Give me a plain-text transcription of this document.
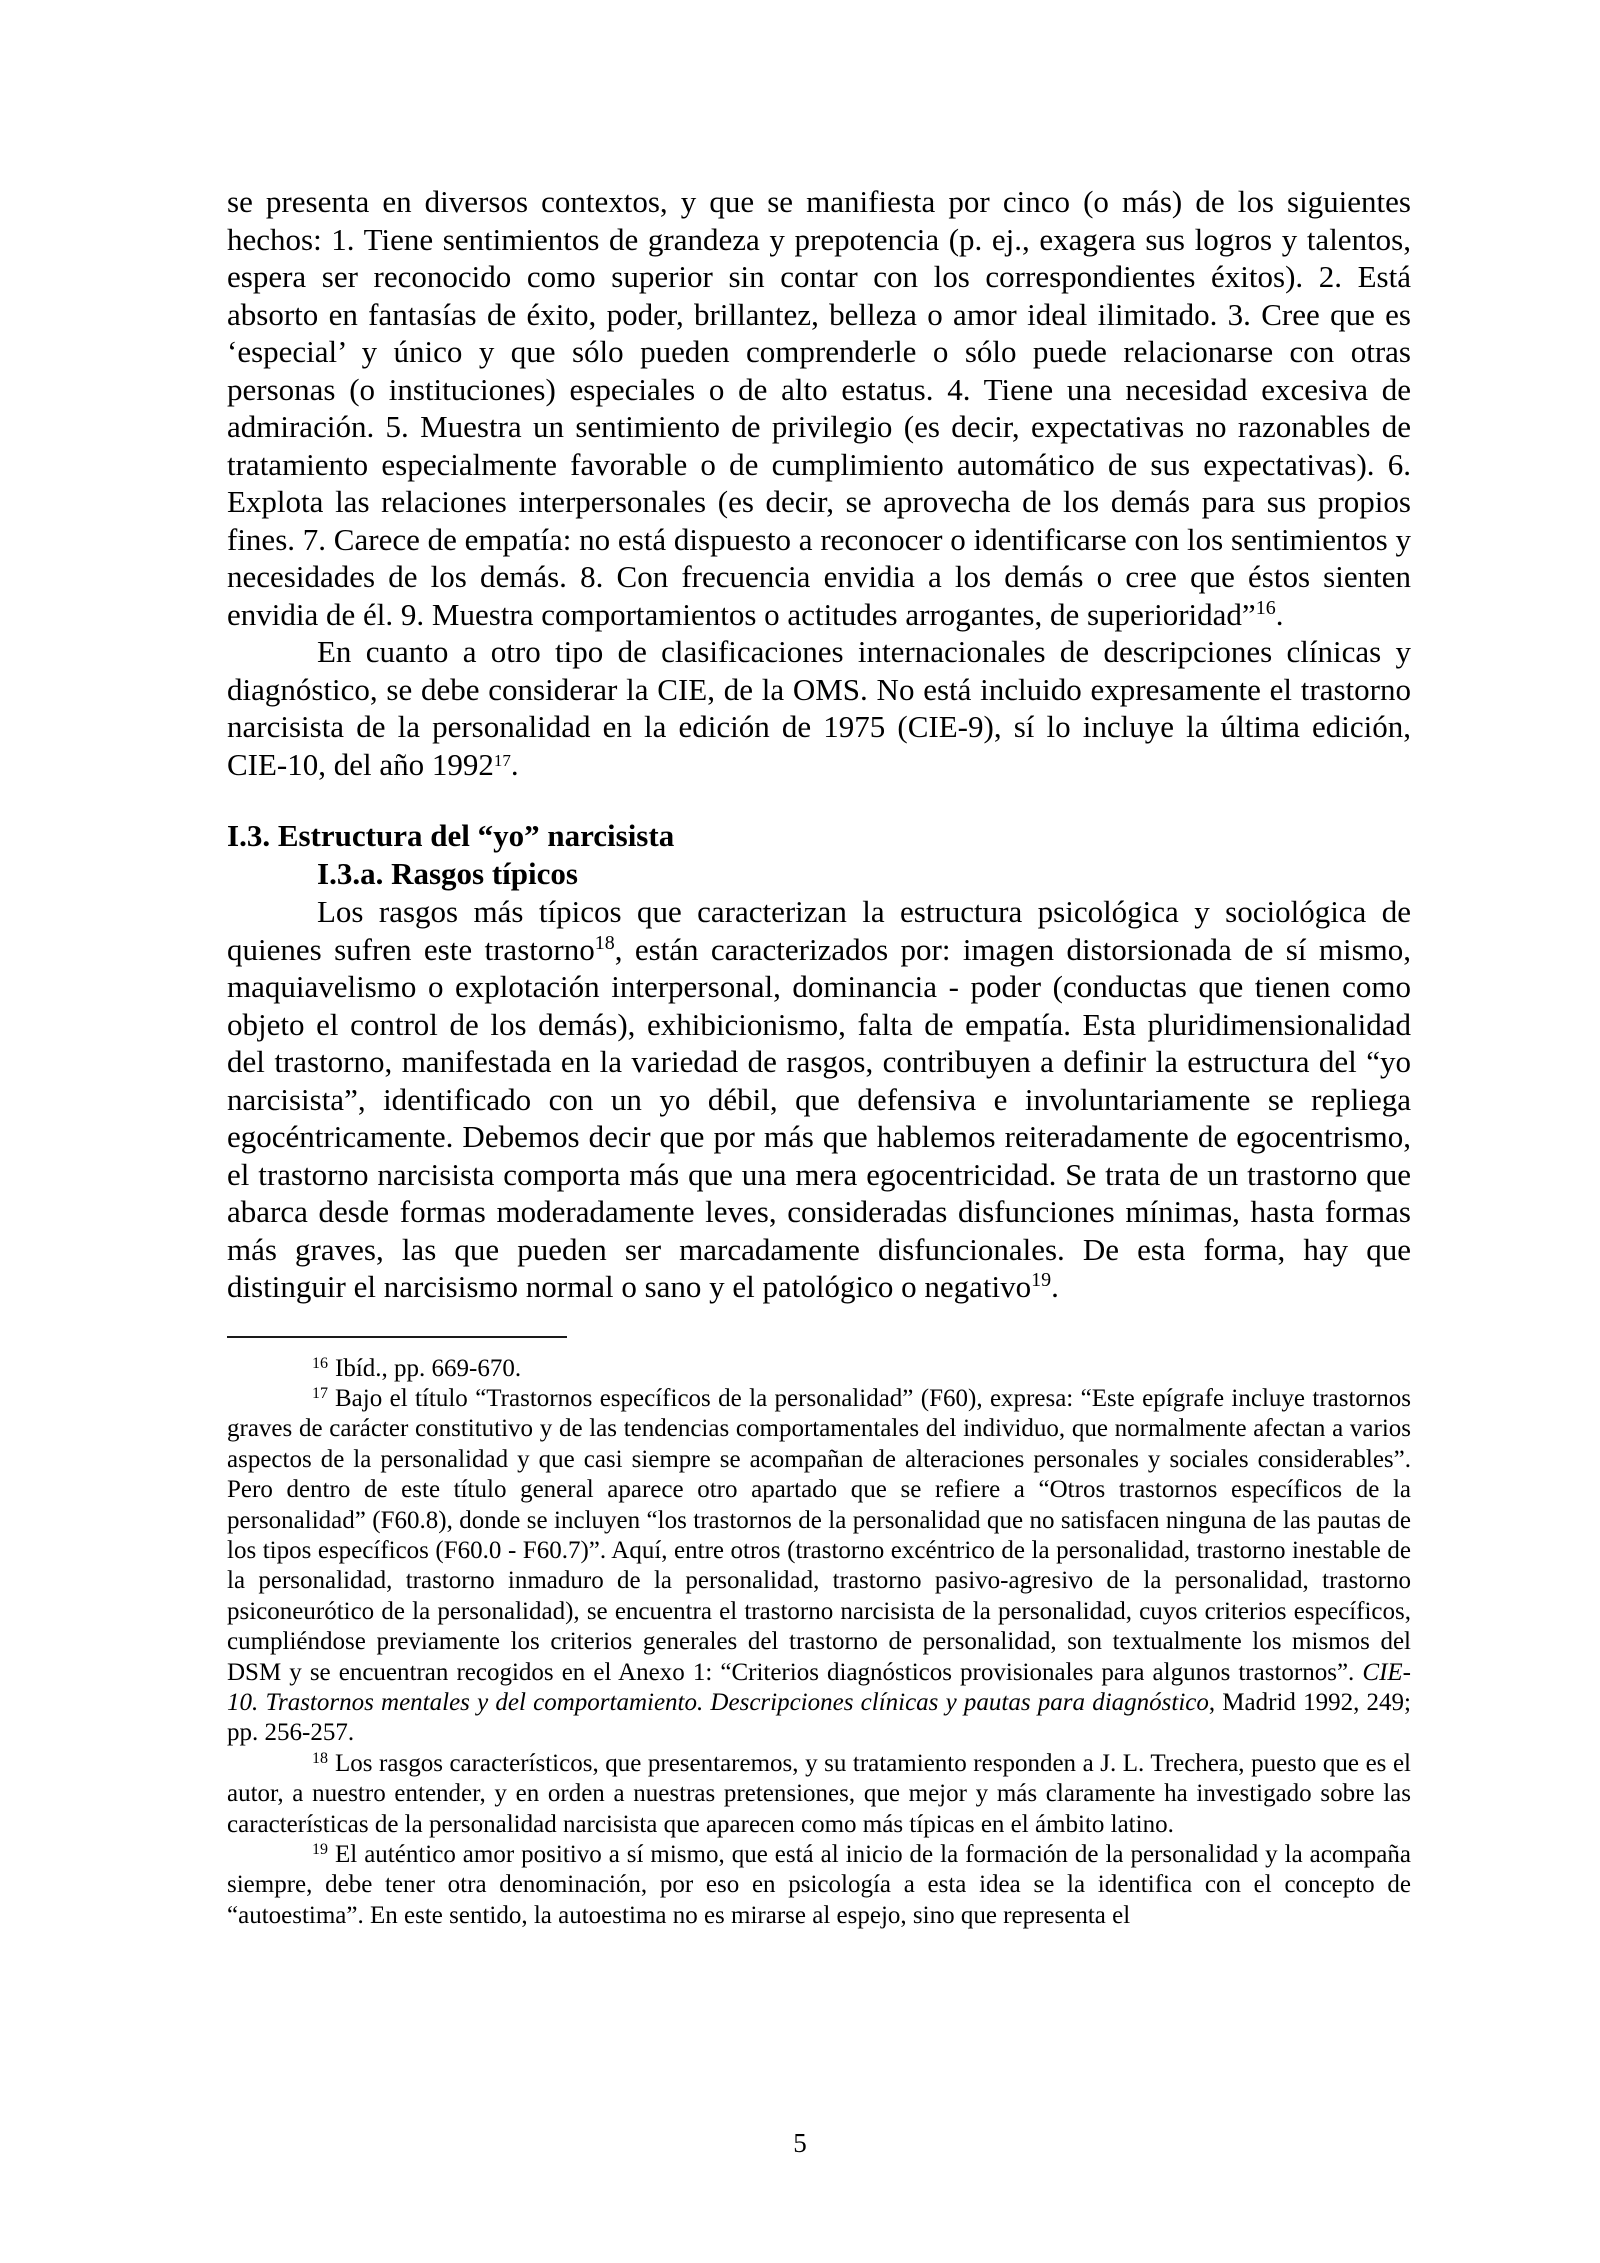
se presenta en diversos contextos, y que se manifiesta por cinco (o más) de los siguientes hechos: 1. Tiene sentimientos de grandeza y prepotencia (p. ej., exagera sus logros y talentos, espera ser reconocido como superior sin contar con los correspondientes éxitos). 2. Está absorto en fantasías de éxito, poder, brillantez, belleza o amor ideal ilimitado. 3. Cree que es ‘especial’ y único y que sólo pueden comprenderle o sólo puede relacionarse con otras personas (o instituciones) especiales o de alto estatus. 4. Tiene una necesidad excesiva de admiración. 5. Muestra un sentimiento de privilegio (es decir, expectativas no razonables de tratamiento especialmente favorable o de cumplimiento automático de sus expectativas). 6. Explota las relaciones interpersonales (es decir, se aprovecha de los demás para sus propios fines. 7. Carece de empatía: no está dispuesto a reconocer o identificarse con los sentimientos y necesidades de los demás. 8. Con frecuencia envidia a los demás o cree que éstos sienten envidia de él. 9. Muestra comportamientos o actitudes arrogantes, de superioridad”$^{16}$.

En cuanto a otro tipo de clasificaciones internacionales de descripciones clínicas y diagnóstico, se debe considerar la CIE, de la OMS. No está incluido expresamente el trastorno narcisista de la personalidad en la edición de 1975 (CIE-9), sí lo incluye la última edición, CIE-10, del año 1992$^{17}$.

I.3. Estructura del “yo” narcisista
I.3.a. Rasgos típicos

Los rasgos más típicos que caracterizan la estructura psicológica y sociológica de quienes sufren este trastorno$^{18}$, están caracterizados por: imagen distorsionada de sí mismo, maquiavelismo o explotación interpersonal, dominancia - poder (conductas que tienen como objeto el control de los demás), exhibicionismo, falta de empatía. Esta pluridimensionalidad del trastorno, manifestada en la variedad de rasgos, contribuyen a definir la estructura del “yo narcisista”, identificado con un yo débil, que defensiva e involuntariamente se repliega egocéntricamente. Debemos decir que por más que hablemos reiteradamente de egocentrismo, el trastorno narcisista comporta más que una mera egocentricidad. Se trata de un trastorno que abarca desde formas moderadamente leves, consideradas disfunciones mínimas, hasta formas más graves, las que pueden ser marcadamente disfuncionales. De esta forma, hay que distinguir el narcisismo normal o sano y el patológico o negativo$^{19}$.

$^{16}$ Ibíd., pp. 669-670.

$^{17}$ Bajo el título “Trastornos específicos de la personalidad” (F60), expresa: “Este epígrafe incluye trastornos graves de carácter constitutivo y de las tendencias comportamentales del individuo, que normalmente afectan a varios aspectos de la personalidad y que casi siempre se acompañan de alteraciones personales y sociales considerables”. Pero dentro de este título general aparece otro apartado que se refiere a “Otros trastornos específicos de la personalidad” (F60.8), donde se incluyen “los trastornos de la personalidad que no satisfacen ninguna de las pautas de los tipos específicos (F60.0 - F60.7)”. Aquí, entre otros (trastorno excéntrico de la personalidad, trastorno inestable de la personalidad, trastorno inmaduro de la personalidad, trastorno pasivo-agresivo de la personalidad, trastorno psiconeurótico de la personalidad), se encuentra el trastorno narcisista de la personalidad, cuyos criterios específicos, cumpliéndose previamente los criterios generales del trastorno de personalidad, son textualmente los mismos del DSM y se encuentran recogidos en el Anexo 1: “Criterios diagnósticos provisionales para algunos trastornos”. CIE-10. Trastornos mentales y del comportamiento. Descripciones clínicas y pautas para diagnóstico, Madrid 1992, 249; pp. 256-257.

$^{18}$ Los rasgos característicos, que presentaremos, y su tratamiento responden a J. L. Trechera, puesto que es el autor, a nuestro entender, y en orden a nuestras pretensiones, que mejor y más claramente ha investigado sobre las características de la personalidad narcisista que aparecen como más típicas en el ámbito latino.

$^{19}$ El auténtico amor positivo a sí mismo, que está al inicio de la formación de la personalidad y la acompaña siempre, debe tener otra denominación, por eso en psicología a esta idea se la identifica con el concepto de “autoestima”. En este sentido, la autoestima no es mirarse al espejo, sino que representa el

5
